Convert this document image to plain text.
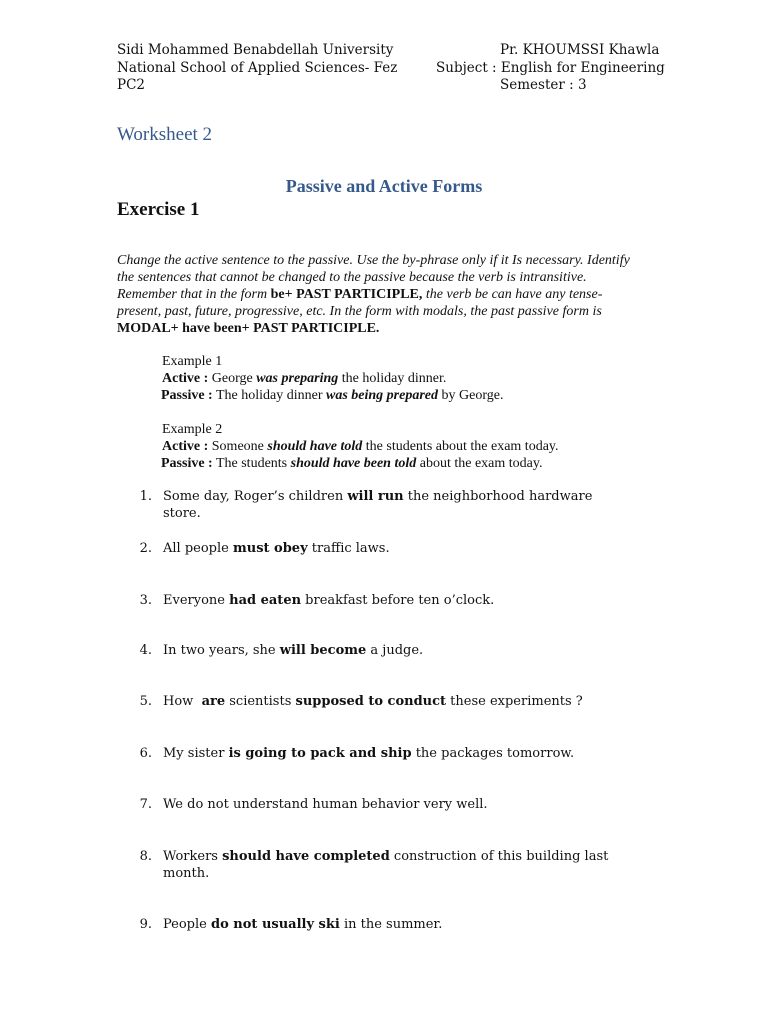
Sidi Mohammed Benabdellah University
National School of Applied Sciences- Fez
PC2
Pr. KHOUMSSI Khawla
Subject : English for Engineering
Semester : 3
Worksheet 2
Passive and Active Forms
Exercise 1
Change the active sentence to the passive. Use the by-phrase only if it Is necessary. Identify the sentences that cannot be changed to the passive because the verb is intransitive. Remember that in the form be+ PAST PARTICIPLE, the verb be can have any tense- present, past, future, progressive, etc. In the form with modals, the past passive form is MODAL+ have been+ PAST PARTICIPLE.
Example 1
Active : George was preparing the holiday dinner.
Passive : The holiday dinner was being prepared by George.
Example 2
Active : Someone should have told the students about the exam today.
Passive : The students should have been told about the exam today.
1. Some day, Roger’s children will run the neighborhood hardware store.
2. All people must obey traffic laws.
3. Everyone had eaten breakfast before ten o’clock.
4. In two years, she will become a judge.
5. How  are scientists supposed to conduct these experiments ?
6. My sister is going to pack and ship the packages tomorrow.
7. We do not understand human behavior very well.
8. Workers should have completed construction of this building last month.
9. People do not usually ski in the summer.
